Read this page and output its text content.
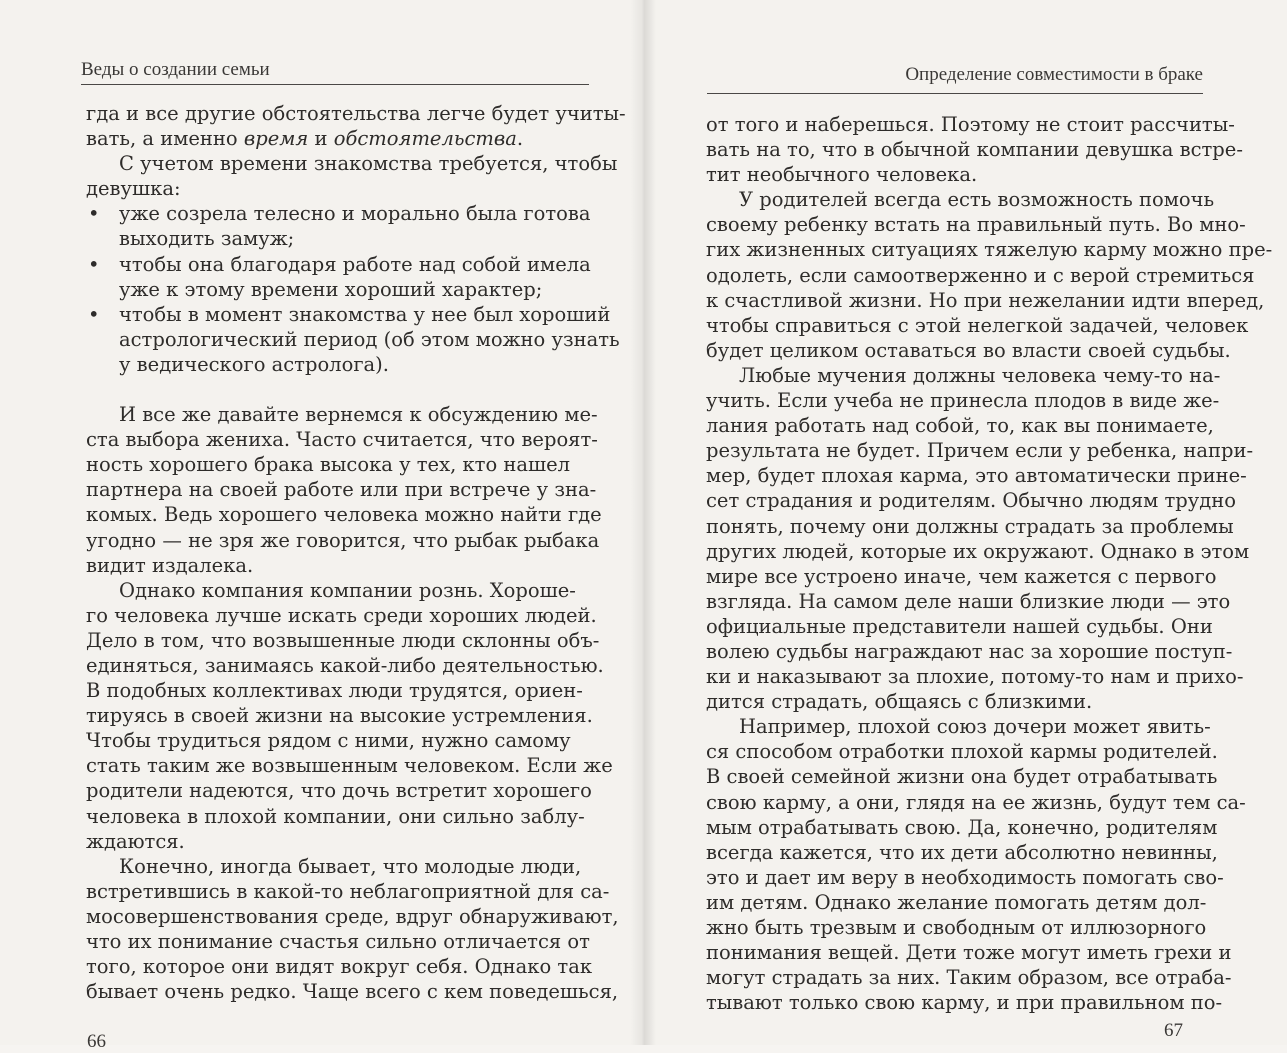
Веды о создании семьи
гда и все другие обстоятельства легче будет учиты-
вать, а именно время и обстоятельства.
С учетом времени знакомства требуется, чтобы
девушка:
• уже созрела телесно и морально была готова
выходить замуж;
• чтобы она благодаря работе над собой имела
уже к этому времени хороший характер;
• чтобы в момент знакомства у нее был хороший
астрологический период (об этом можно узнать
у ведического астролога).
И все же давайте вернемся к обсуждению ме-
ста выбора жениха. Часто считается, что вероят-
ность хорошего брака высока у тех, кто нашел
партнера на своей работе или при встрече у зна-
комых. Ведь хорошего человека можно найти где
угодно — не зря же говорится, что рыбак рыбака
видит издалека.
Однако компания компании рознь. Хороше-
го человека лучше искать среди хороших людей.
Дело в том, что возвышенные люди склонны объ-
единяться, занимаясь какой-либо деятельностью.
В подобных коллективах люди трудятся, ориен-
тируясь в своей жизни на высокие устремления.
Чтобы трудиться рядом с ними, нужно самому
стать таким же возвышенным человеком. Если же
родители надеются, что дочь встретит хорошего
человека в плохой компании, они сильно заблу-
ждаются.
Конечно, иногда бывает, что молодые люди,
встретившись в какой-то неблагоприятной для са-
мосовершенствования среде, вдруг обнаруживают,
что их понимание счастья сильно отличается от
того, которое они видят вокруг себя. Однако так
бывает очень редко. Чаще всего с кем поведешься,
66
Определение совместимости в браке
от того и наберешься. Поэтому не стоит рассчиты-
вать на то, что в обычной компании девушка встре-
тит необычного человека.
У родителей всегда есть возможность помочь
своему ребенку встать на правильный путь. Во мно-
гих жизненных ситуациях тяжелую карму можно пре-
одолеть, если самоотверженно и с верой стремиться
к счастливой жизни. Но при нежелании идти вперед,
чтобы справиться с этой нелегкой задачей, человек
будет целиком оставаться во власти своей судьбы.
Любые мучения должны человека чему-то на-
учить. Если учеба не принесла плодов в виде же-
лания работать над собой, то, как вы понимаете,
результата не будет. Причем если у ребенка, напри-
мер, будет плохая карма, это автоматически прине-
сет страдания и родителям. Обычно людям трудно
понять, почему они должны страдать за проблемы
других людей, которые их окружают. Однако в этом
мире все устроено иначе, чем кажется с первого
взгляда. На самом деле наши близкие люди — это
официальные представители нашей судьбы. Они
волею судьбы награждают нас за хорошие поступ-
ки и наказывают за плохие, потому-то нам и прихо-
дится страдать, общаясь с близкими.
Например, плохой союз дочери может явить-
ся способом отработки плохой кармы родителей.
В своей семейной жизни она будет отрабатывать
свою карму, а они, глядя на ее жизнь, будут тем са-
мым отрабатывать свою. Да, конечно, родителям
всегда кажется, что их дети абсолютно невинны,
это и дает им веру в необходимость помогать сво-
им детям. Однако желание помогать детям дол-
жно быть трезвым и свободным от иллюзорного
понимания вещей. Дети тоже могут иметь грехи и
могут страдать за них. Таким образом, все отраба-
тывают только свою карму, и при правильном по-
67
